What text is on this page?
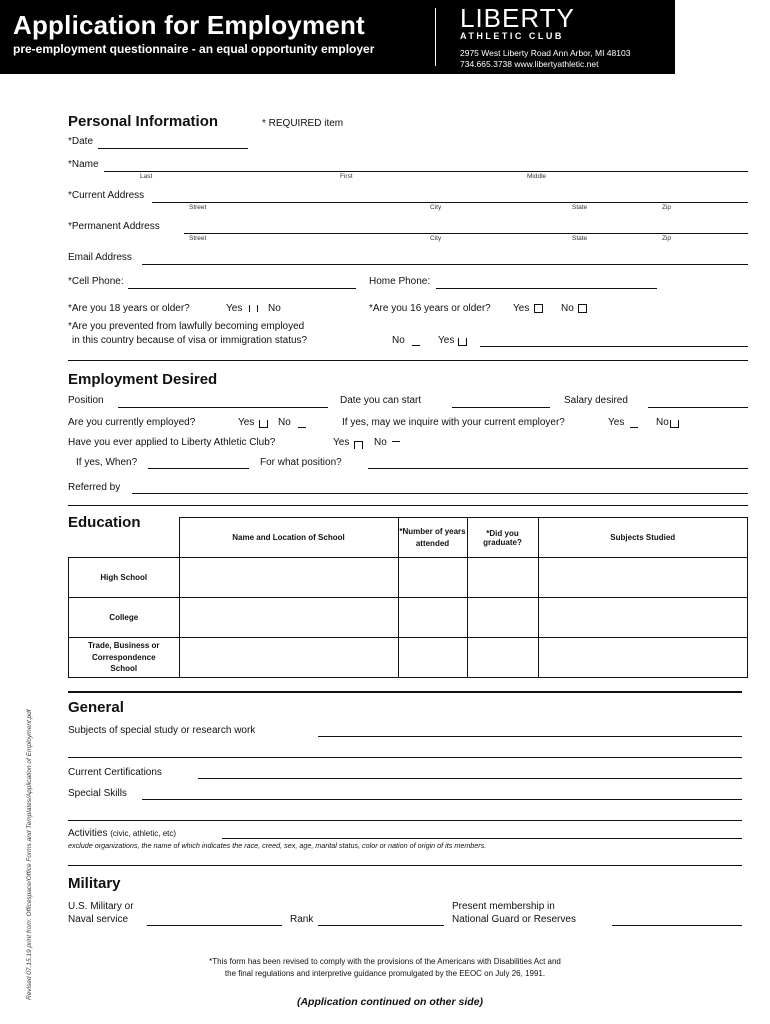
Application for Employment
pre-employment questionnaire - an equal opportunity employer
LIBERTY
ATHLETIC CLUB
2975 West Liberty Road Ann Arbor, MI 48103
734.665.3738 www.libertyathletic.net
Personal Information	* REQUIRED item
*Date
*Name
Last	First	Middle
*Current Address
Street	City	State	Zip
*Permanent Address
Street	City	State	Zip
Email Address
*Cell Phone:	Home Phone:
*Are you 18 years or older?	Yes	No	*Are you 16 years or older? Yes	No
*Are you prevented from lawfully becoming employed
in this country because of visa or immigration status?	No	Yes
Employment Desired
Position	Date you can start	Salary desired
Are you currently employed?	Yes No	If yes, may we inquire with your current employer?	Yes	No
Have you ever applied to Liberty Athletic Club?	Yes No
If yes, When?	For what position?
Referred by
Education
	Name and Location of School	*Number of years attended	*Did you graduate?	Subjects Studied
High School				
College				
Trade, Business or Correspondence School				
General
Subjects of special study or research work
Current Certifications
Special Skills
Activities (civic, athletic, etc)
exclude organizations, the name of which indicates the race, creed, sex, age, marital status, color or nation of origin of its members.
Military
U.S. Military or
Naval service	Rank
Present membership in
National Guard or Reserves
*This form has been revised to comply with the provisions of the Americans with Disabilities Act and
the final regulations and interpretive guidance promulgated by the EEOC on July 26, 1991.
(Application continued on other side)
Revised 07.15.19 print from: Officespace/Office Forms and Templates/Application of Employment.pdf
